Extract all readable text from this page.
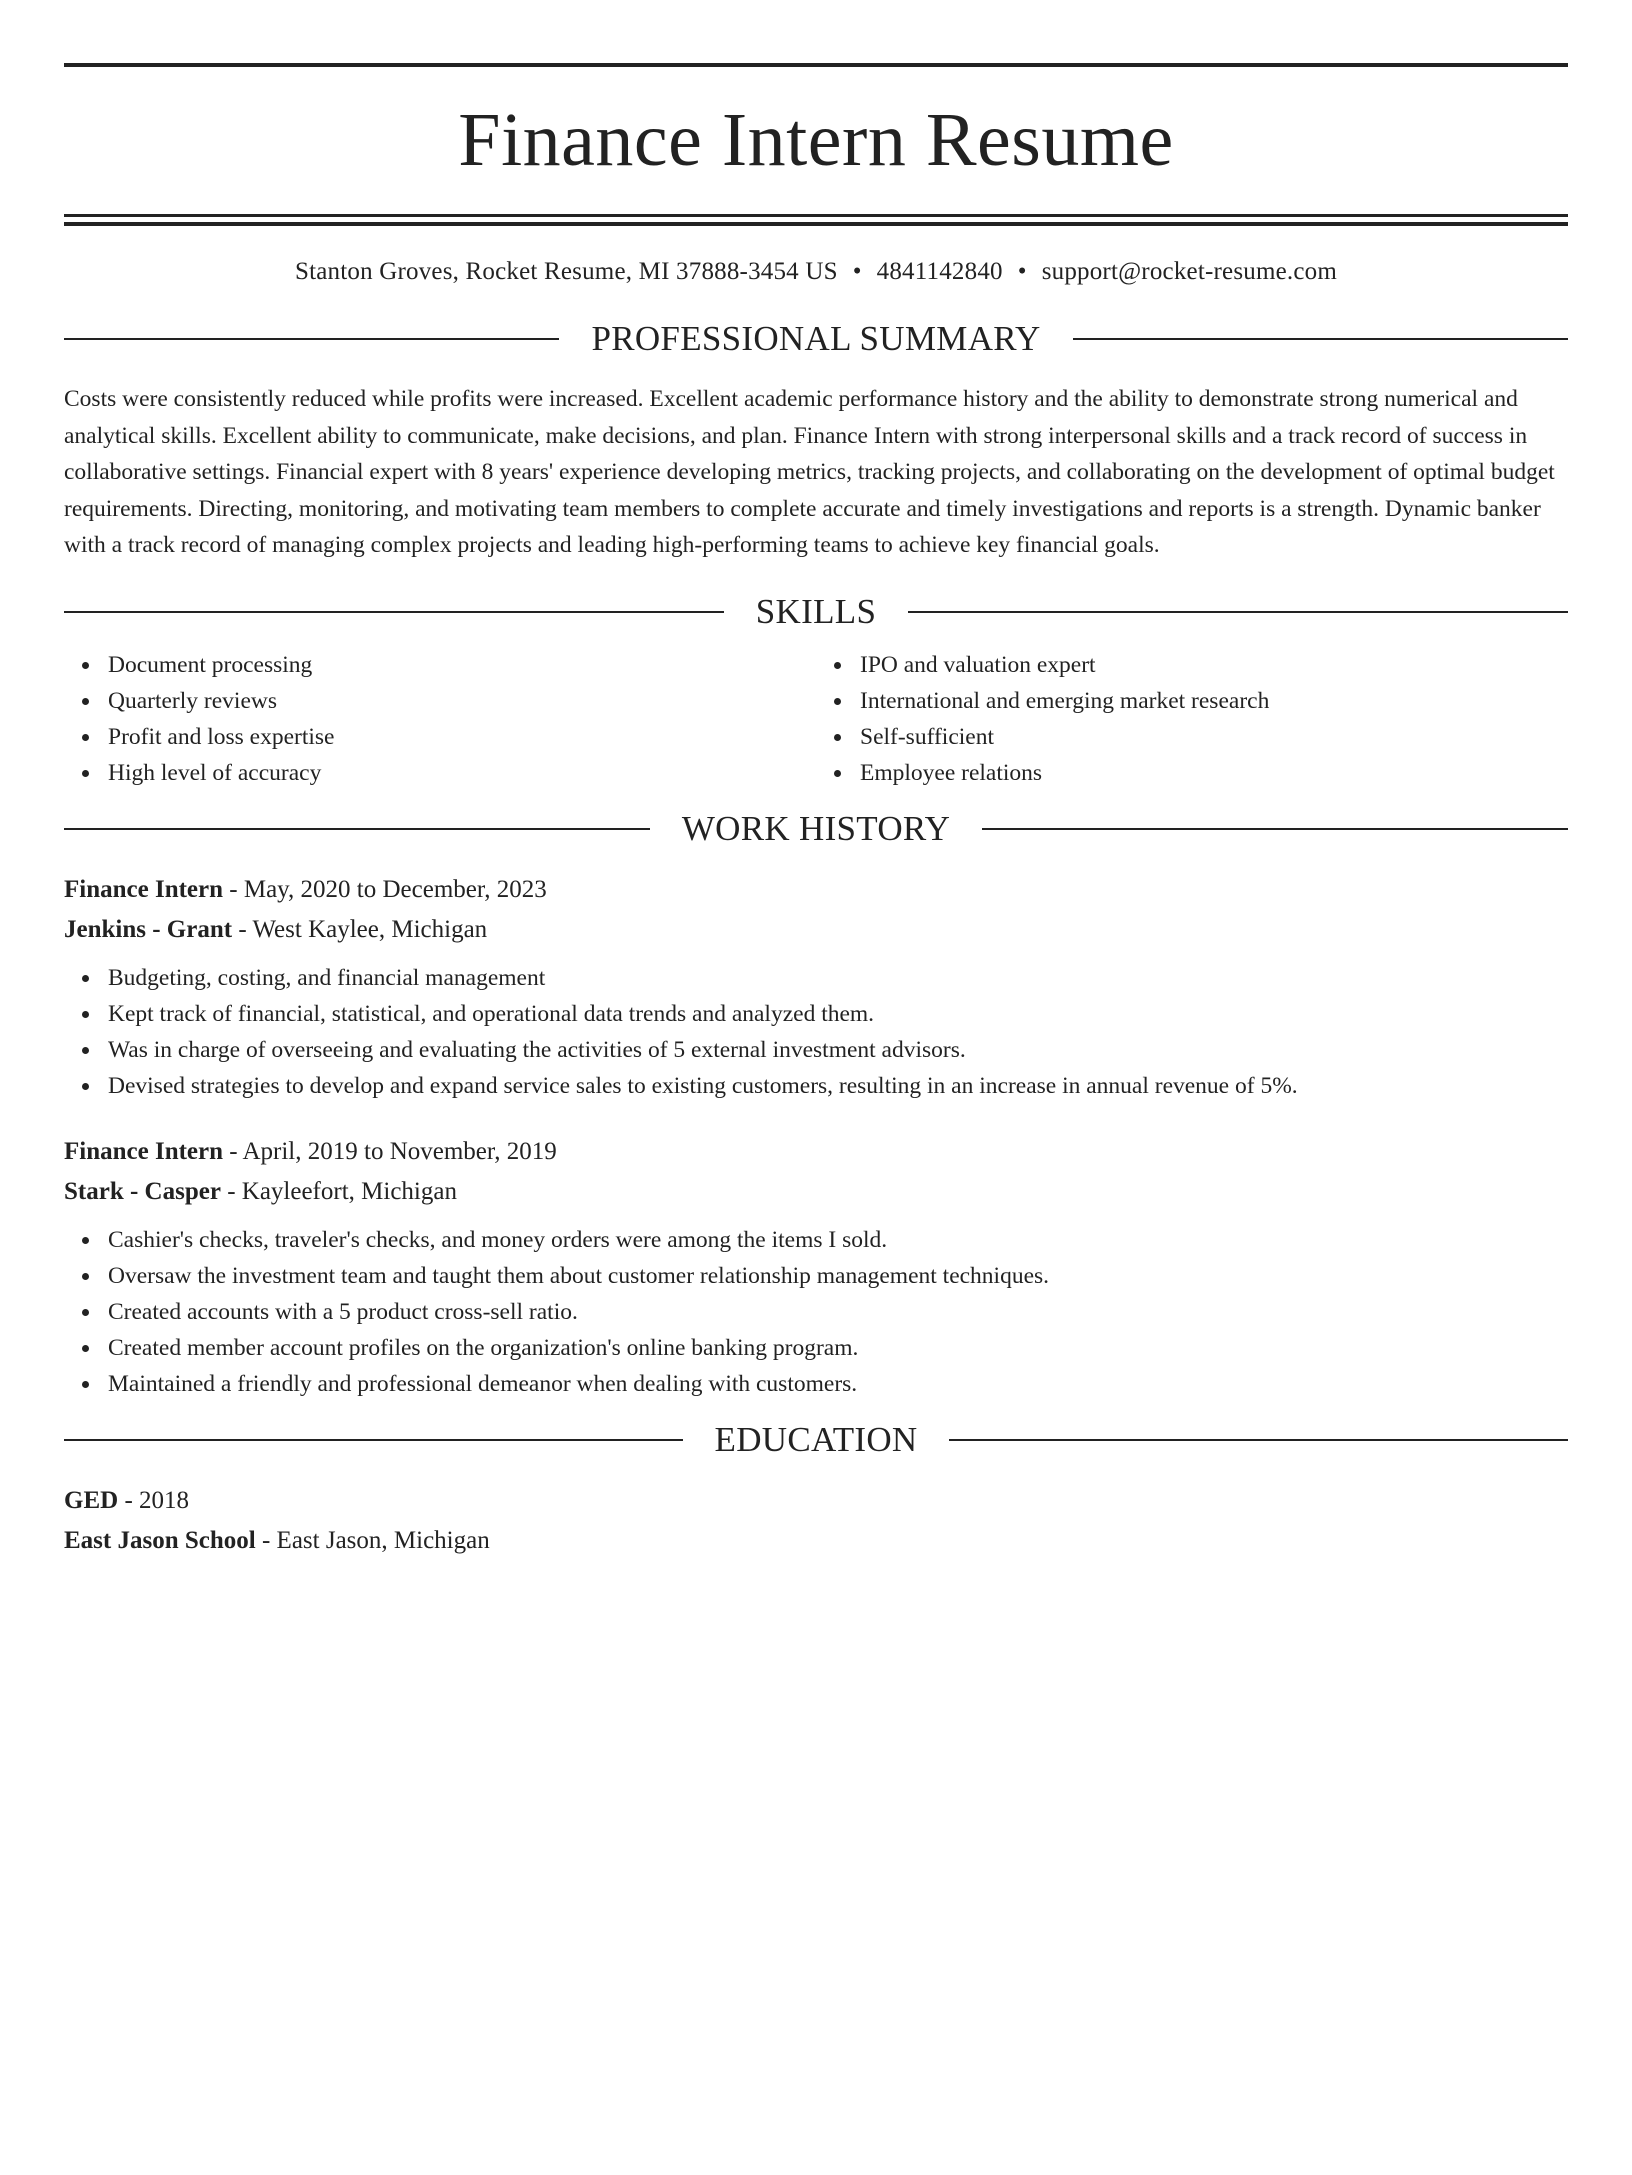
Finance Intern Resume
Stanton Groves, Rocket Resume, MI 37888-3454 US • 4841142840 • support@rocket-resume.com
PROFESSIONAL SUMMARY

Costs were consistently reduced while profits were increased. Excellent academic performance history and the ability to demonstrate strong numerical and analytical skills. Excellent ability to communicate, make decisions, and plan. Finance Intern with strong interpersonal skills and a track record of success in collaborative settings. Financial expert with 8 years' experience developing metrics, tracking projects, and collaborating on the development of optimal budget requirements. Directing, monitoring, and motivating team members to complete accurate and timely investigations and reports is a strength. Dynamic banker with a track record of managing complex projects and leading high-performing teams to achieve key financial goals.

SKILLS
Document processing
Quarterly reviews
Profit and loss expertise
High level of accuracy
IPO and valuation expert
International and emerging market research
Self-sufficient
Employee relations
WORK HISTORY
Finance Intern - May, 2020 to December, 2023
Jenkins - Grant - West Kaylee, Michigan
Budgeting, costing, and financial management
Kept track of financial, statistical, and operational data trends and analyzed them.
Was in charge of overseeing and evaluating the activities of 5 external investment advisors.
Devised strategies to develop and expand service sales to existing customers, resulting in an increase in annual revenue of 5%.
Finance Intern - April, 2019 to November, 2019
Stark - Casper - Kayleefort, Michigan
Cashier's checks, traveler's checks, and money orders were among the items I sold.
Oversaw the investment team and taught them about customer relationship management techniques.
Created accounts with a 5 product cross-sell ratio.
Created member account profiles on the organization's online banking program.
Maintained a friendly and professional demeanor when dealing with customers.
EDUCATION
GED - 2018
East Jason School - East Jason, Michigan
